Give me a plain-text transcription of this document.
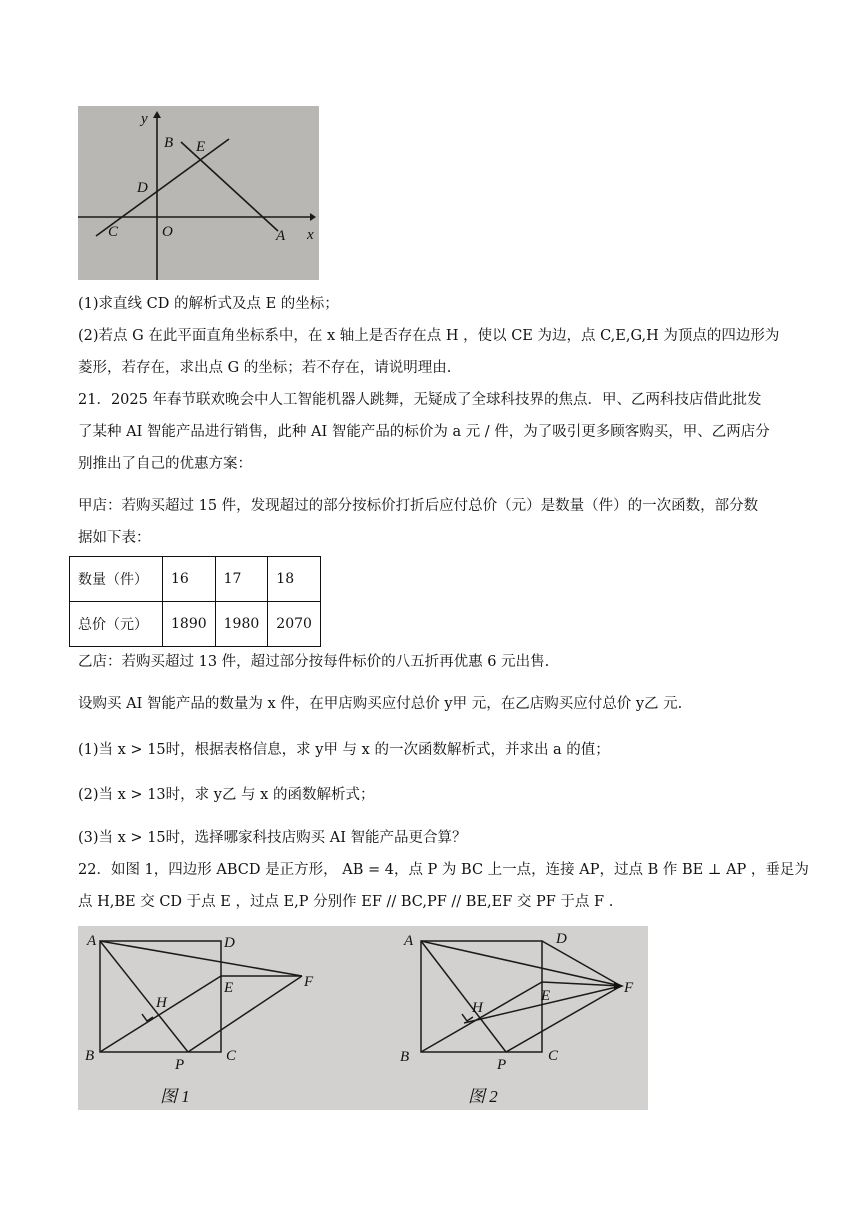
y
x
B E
D
C	O	A
(1)求直线 CD 的解析式及点 E 的坐标；
(2)若点 G 在此平面直角坐标系中，在 x 轴上是否存在点 H ，使以 CE 为边，点 C,E,G,H 为顶点的四边形为
菱形，若存在，求出点 G 的坐标；若不存在，请说明理由.
21．2025 年春节联欢晚会中人工智能机器人跳舞，无疑成了全球科技界的焦点．甲、乙两科技店借此批发
了某种 AI 智能产品进行销售，此种 AI 智能产品的标价为 a 元 / 件，为了吸引更多顾客购买，甲、乙两店分
别推出了自己的优惠方案：
甲店：若购买超过 15 件，发现超过的部分按标价打折后应付总价（元）是数量（件）的一次函数，部分数
据如下表：
数量（件）	16	17	18
总价（元）	1890	1980	2070
乙店：若购买超过 13 件，超过部分按每件标价的八五折再优惠 6 元出售.
设购买 AI 智能产品的数量为 x 件，在甲店购买应付总价 y甲 元，在乙店购买应付总价 y乙 元.
(1)当 x > 15时，根据表格信息，求 y甲 与 x 的一次函数解析式，并求出 a 的值；
(2)当 x > 13时，求 y乙 与 x 的函数解析式；
(3)当 x > 15时，选择哪家科技店购买 AI 智能产品更合算？
22．如图 1，四边形 ABCD 是正方形， AB = 4，点 P 为 BC 上一点，连接 AP，过点 B 作 BE ⊥ AP ，垂足为
点 H,BE 交 CD 于点 E ，过点 E,P 分别作 EF // BC,PF // BE,EF 交 PF 于点 F .
A	D
F
H
E
B
P
C
图 1
A	D
F
H
E
B	P
C
图 2
